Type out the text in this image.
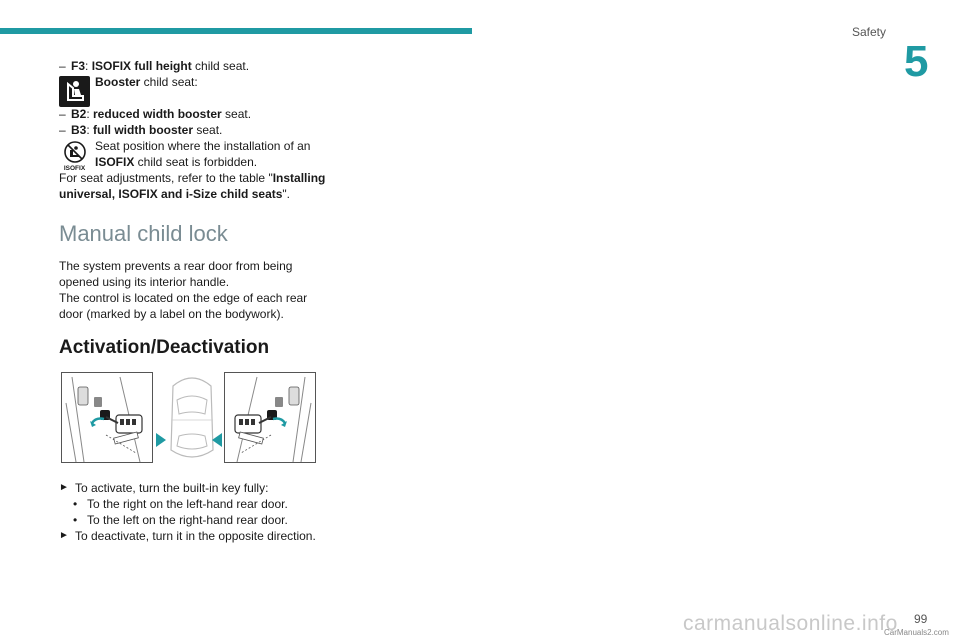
Safety
5
– F3: ISOFIX full height child seat.
Booster child seat:
– B2: reduced width booster seat.
– B3: full width booster seat.
ISOFIX
Seat position where the installation of an ISOFIX child seat is forbidden.

For seat adjustments, refer to the table "Installing universal, ISOFIX and i-Size child seats".

Manual child lock

The system prevents a rear door from being opened using its interior handle.

The control is located on the edge of each rear door (marked by a label on the bodywork).

Activation/Deactivation
► To activate, turn the built-in key fully:
• To the right on the left-hand rear door.
• To the left on the right-hand rear door.
► To deactivate, turn it in the opposite direction.
carmanualsonline.info 99
CarManuals2.com
